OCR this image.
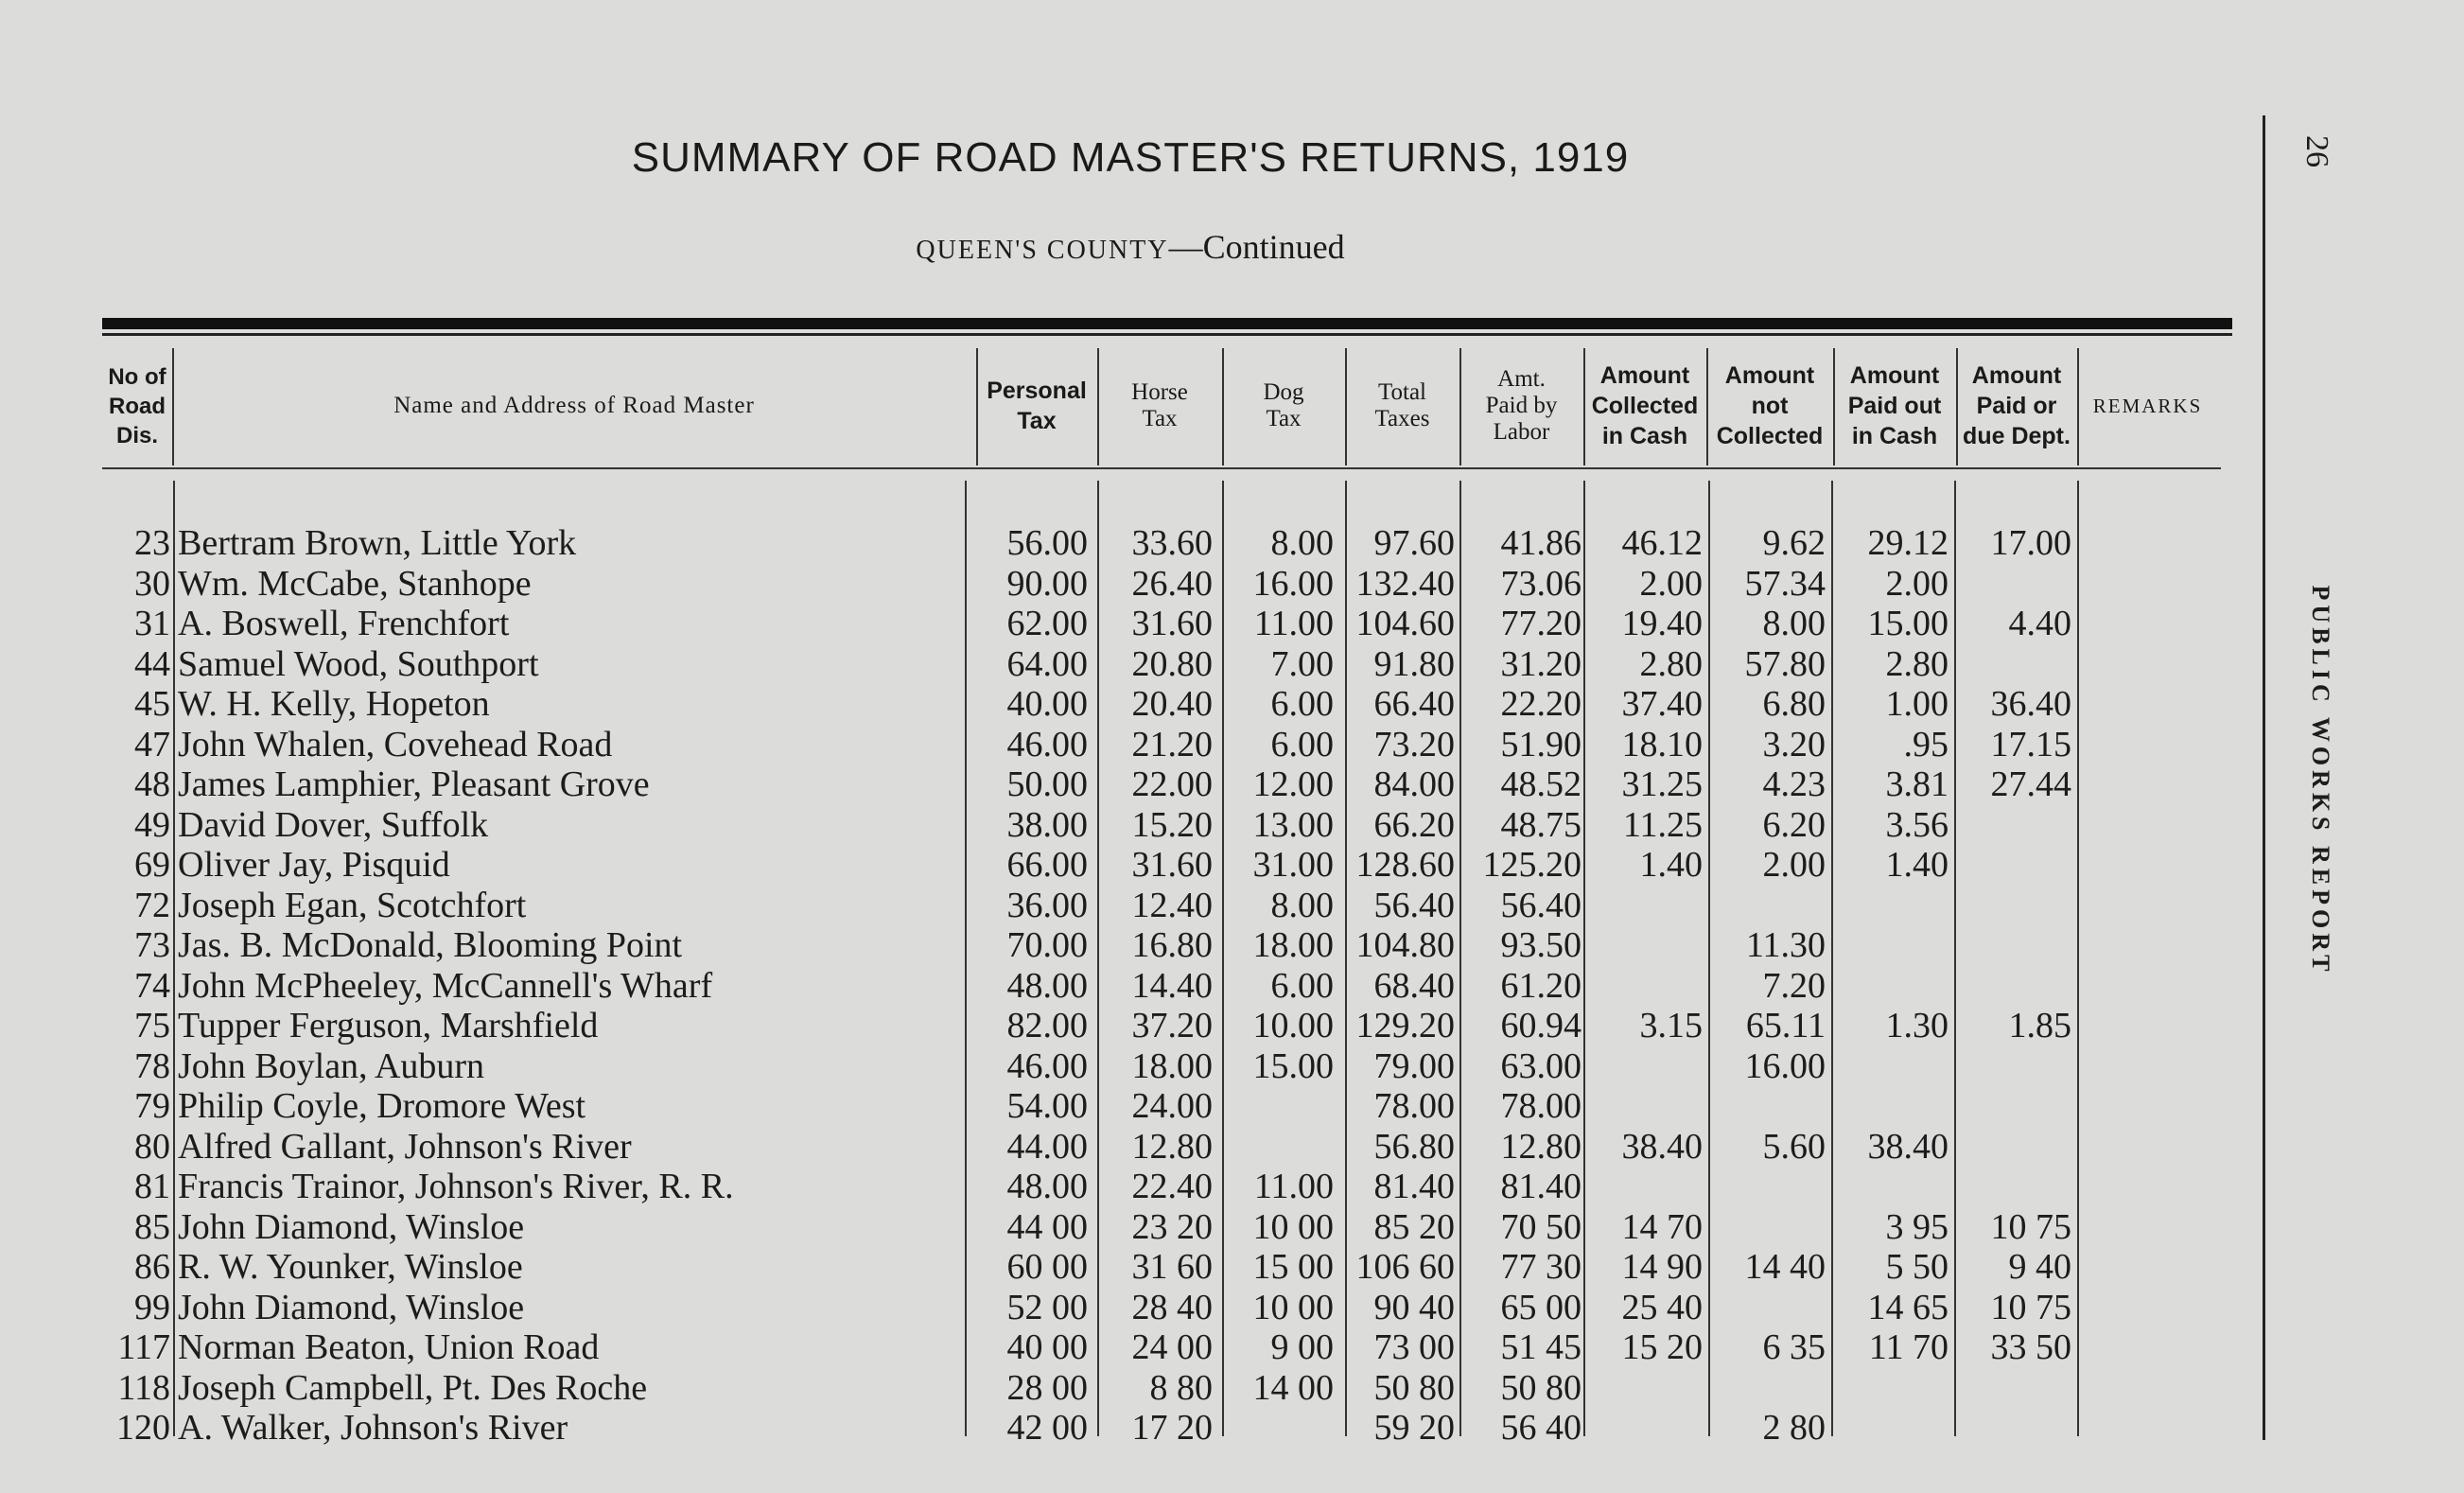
SUMMARY OF ROAD MASTER'S RETURNS, 1919
QUEEN'S COUNTY—Continued
No of
Road
Dis.
Name and Address of Road Master
Personal
Tax
Horse
Tax
Dog
Tax
Total
Taxes
Amt.
Paid by
Labor
Amount
Collected
in Cash
Amount
not
Collected
Amount
Paid out
in Cash
Amount
Paid or
due Dept.
REMARKS
23 Bertram Brown, Little York	56.00 33.60 8.00 97.60 41.86 46.12 9.62 29.12 17.00
30 Wm. McCabe, Stanhope	90.00 26.40 16.00 132.40 73.06 2.00 57.34 2.00
31 A. Boswell, Frenchfort	62.00 31.60 11.00 104.60 77.20 19.40 8.00 15.00 4.40
44 Samuel Wood, Southport	64.00 20.80 7.00 91.80 31.20 2.80 57.80 2.80
45 W. H. Kelly, Hopeton	40.00 20.40 6.00 66.40 22.20 37.40 6.80 1.00 36.40
47 John Whalen, Covehead Road	46.00 21.20 6.00 73.20 51.90 18.10 3.20 .95 17.15
48 James Lamphier, Pleasant Grove	50.00 22.00 12.00 84.00 48.52 31.25 4.23 3.81 27.44
49 David Dover, Suffolk	38.00 15.20 13.00 66.20 48.75 11.25 6.20 3.56
69 Oliver Jay, Pisquid	66.00 31.60 31.00 128.60 125.20 1.40 2.00 1.40
72 Joseph Egan, Scotchfort	36.00 12.40 8.00 56.40 56.40
73 Jas. B. McDonald, Blooming Point	70.00 16.80 18.00 104.80 93.50	11.30
74 John McPheeley, McCannell's Wharf	48.00 14.40 6.00 68.40 61.20	7.20
75 Tupper Ferguson, Marshfield	82.00 37.20 10.00 129.20 60.94 3.15 65.11 1.30 1.85
78 John Boylan, Auburn	46.00 18.00 15.00 79.00 63.00	16.00
79 Philip Coyle, Dromore West	54.00 24.00	78.00 78.00
80 Alfred Gallant, Johnson's River	44.00 12.80	56.80 12.80 38.40 5.60 38.40
81 Francis Trainor, Johnson's River, R. R.	48.00 22.40 11.00 81.40 81.40
85 John Diamond, Winsloe	44 00 23 20 10 00 85 20 70 50 14 70	3 95 10 75
86 R. W. Younker, Winsloe	60 00 31 60 15 00 106 60 77 30 14 90 14 40 5 50 9 40
99 John Diamond, Winsloe	52 00 28 40 10 00 90 40 65 00 25 40	14 65 10 75
117 Norman Beaton, Union Road	40 00 24 00 9 00 73 00 51 45 15 20 6 35 11 70 33 50
118 Joseph Campbell, Pt. Des Roche	28 00 8 80 14 00 50 80 50 80
120 A. Walker, Johnson's River	42 00 17 20	59 20 56 40	2 80
26
PUBLIC WORKS REPORT
